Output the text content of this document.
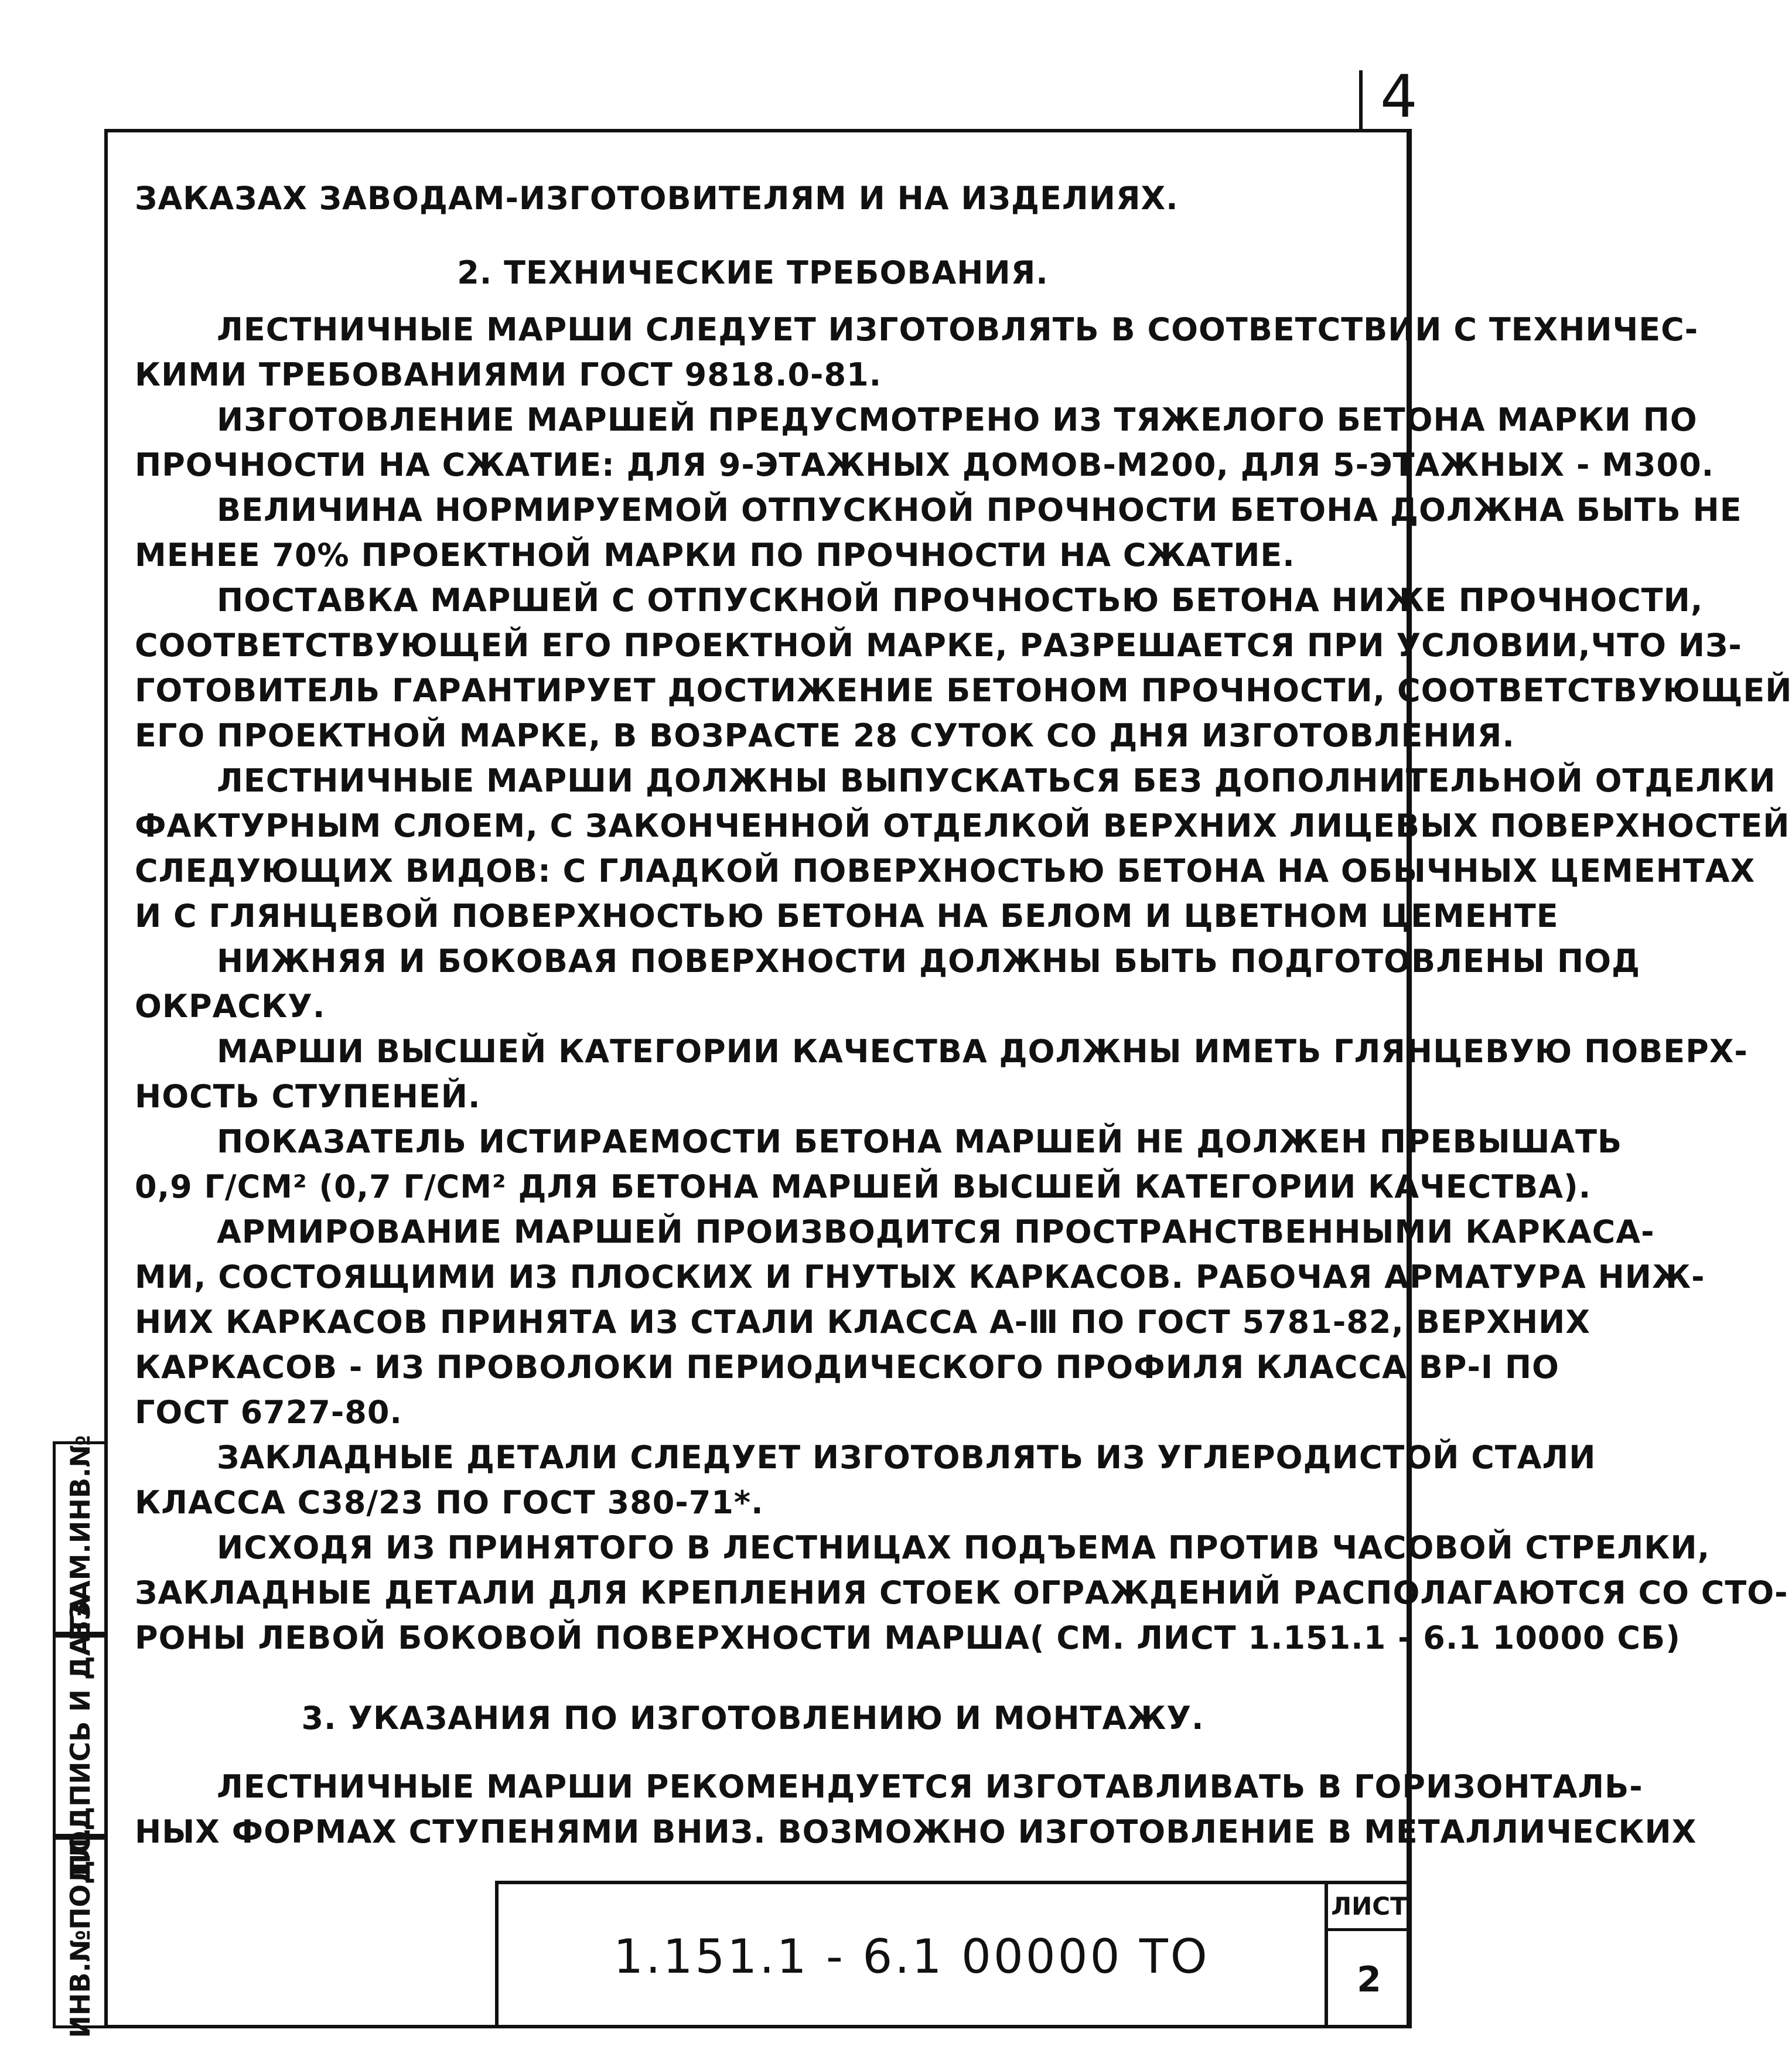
4

ЗАКАЗАХ ЗАВОДАМ-ИЗГОТОВИТЕЛЯМ И НА ИЗДЕЛИЯХ.

2. ТЕХНИЧЕСКИЕ ТРЕБОВАНИЯ.

ЛЕСТНИЧНЫЕ МАРШИ СЛЕДУЕТ ИЗГОТОВЛЯТЬ В СООТВЕТСТВИИ С ТЕХНИЧЕС-

КИМИ ТРЕБОВАНИЯМИ ГОСТ 9818.0-81.

ИЗГОТОВЛЕНИЕ МАРШЕЙ ПРЕДУСМОТРЕНО ИЗ ТЯЖЕЛОГО БЕТОНА МАРКИ ПО

ПРОЧНОСТИ НА СЖАТИЕ: ДЛЯ 9-ЭТАЖНЫХ ДОМОВ-М200, ДЛЯ 5-ЭТАЖНЫХ - М300.

ВЕЛИЧИНА НОРМИРУЕМОЙ ОТПУСКНОЙ ПРОЧНОСТИ БЕТОНА ДОЛЖНА БЫТЬ НЕ

МЕНЕЕ 70% ПРОЕКТНОЙ МАРКИ ПО ПРОЧНОСТИ НА СЖАТИЕ.

ПОСТАВКА МАРШЕЙ С ОТПУСКНОЙ ПРОЧНОСТЬЮ БЕТОНА НИЖЕ ПРОЧНОСТИ,

СООТВЕТСТВУЮЩЕЙ ЕГО ПРОЕКТНОЙ МАРКЕ, РАЗРЕШАЕТСЯ ПРИ УСЛОВИИ,ЧТО ИЗ-

ГОТОВИТЕЛЬ ГАРАНТИРУЕТ ДОСТИЖЕНИЕ БЕТОНОМ ПРОЧНОСТИ, СООТВЕТСТВУЮЩЕЙ

ЕГО ПРОЕКТНОЙ МАРКЕ, В ВОЗРАСТЕ 28 СУТОК СО ДНЯ ИЗГОТОВЛЕНИЯ.

ЛЕСТНИЧНЫЕ МАРШИ ДОЛЖНЫ ВЫПУСКАТЬСЯ БЕЗ ДОПОЛНИТЕЛЬНОЙ ОТДЕЛКИ

ФАКТУРНЫМ СЛОЕМ, С ЗАКОНЧЕННОЙ ОТДЕЛКОЙ ВЕРХНИХ ЛИЦЕВЫХ ПОВЕРХНОСТЕЙ

СЛЕДУЮЩИХ ВИДОВ: С ГЛАДКОЙ ПОВЕРХНОСТЬЮ БЕТОНА НА ОБЫЧНЫХ ЦЕМЕНТАХ

И С ГЛЯНЦЕВОЙ ПОВЕРХНОСТЬЮ БЕТОНА НА БЕЛОМ И ЦВЕТНОМ ЦЕМЕНТЕ

НИЖНЯЯ И БОКОВАЯ ПОВЕРХНОСТИ ДОЛЖНЫ БЫТЬ ПОДГОТОВЛЕНЫ ПОД

ОКРАСКУ.

МАРШИ ВЫСШЕЙ КАТЕГОРИИ КАЧЕСТВА ДОЛЖНЫ ИМЕТЬ ГЛЯНЦЕВУЮ ПОВЕРХ-

НОСТЬ СТУПЕНЕЙ.

ПОКАЗАТЕЛЬ ИСТИРАЕМОСТИ БЕТОНА МАРШЕЙ НЕ ДОЛЖЕН ПРЕВЫШАТЬ

0,9 Г/СМ² (0,7 Г/СМ² ДЛЯ БЕТОНА МАРШЕЙ ВЫСШЕЙ КАТЕГОРИИ КАЧЕСТВА).

АРМИРОВАНИЕ МАРШЕЙ ПРОИЗВОДИТСЯ ПРОСТРАНСТВЕННЫМИ КАРКАСА-

МИ, СОСТОЯЩИМИ ИЗ ПЛОСКИХ И ГНУТЫХ КАРКАСОВ. РАБОЧАЯ АРМАТУРА НИЖ-

НИХ КАРКАСОВ ПРИНЯТА ИЗ СТАЛИ КЛАССА А-Ⅲ ПО ГОСТ 5781-82, ВЕРХНИХ

КАРКАСОВ - ИЗ ПРОВОЛОКИ ПЕРИОДИЧЕСКОГО ПРОФИЛЯ КЛАССА ВР-I ПО

ГОСТ 6727-80.

ЗАКЛАДНЫЕ ДЕТАЛИ СЛЕДУЕТ ИЗГОТОВЛЯТЬ ИЗ УГЛЕРОДИСТОЙ СТАЛИ

КЛАССА С38/23 ПО ГОСТ 380-71*.

ИСХОДЯ ИЗ ПРИНЯТОГО В ЛЕСТНИЦАХ ПОДЪЕМА ПРОТИВ ЧАСОВОЙ СТРЕЛКИ,

ЗАКЛАДНЫЕ ДЕТАЛИ ДЛЯ КРЕПЛЕНИЯ СТОЕК ОГРАЖДЕНИЙ РАСПОЛАГАЮТСЯ СО СТО-

РОНЫ ЛЕВОЙ БОКОВОЙ ПОВЕРХНОСТИ МАРША( СМ. ЛИСТ 1.151.1 - 6.1 10000 СБ)

3. УКАЗАНИЯ ПО ИЗГОТОВЛЕНИЮ И МОНТАЖУ.

ЛЕСТНИЧНЫЕ МАРШИ РЕКОМЕНДУЕТСЯ ИЗГОТАВЛИВАТЬ В ГОРИЗОНТАЛЬ-

НЫХ ФОРМАХ СТУПЕНЯМИ ВНИЗ. ВОЗМОЖНО ИЗГОТОВЛЕНИЕ В МЕТАЛЛИЧЕСКИХ

ВЗАМ.ИНВ.№
ПОДПИСЬ И ДАТА
ИНВ.№ПОДЛ.	1.151.1 - 6.1 00000 ТО
ЛИСТ
2
